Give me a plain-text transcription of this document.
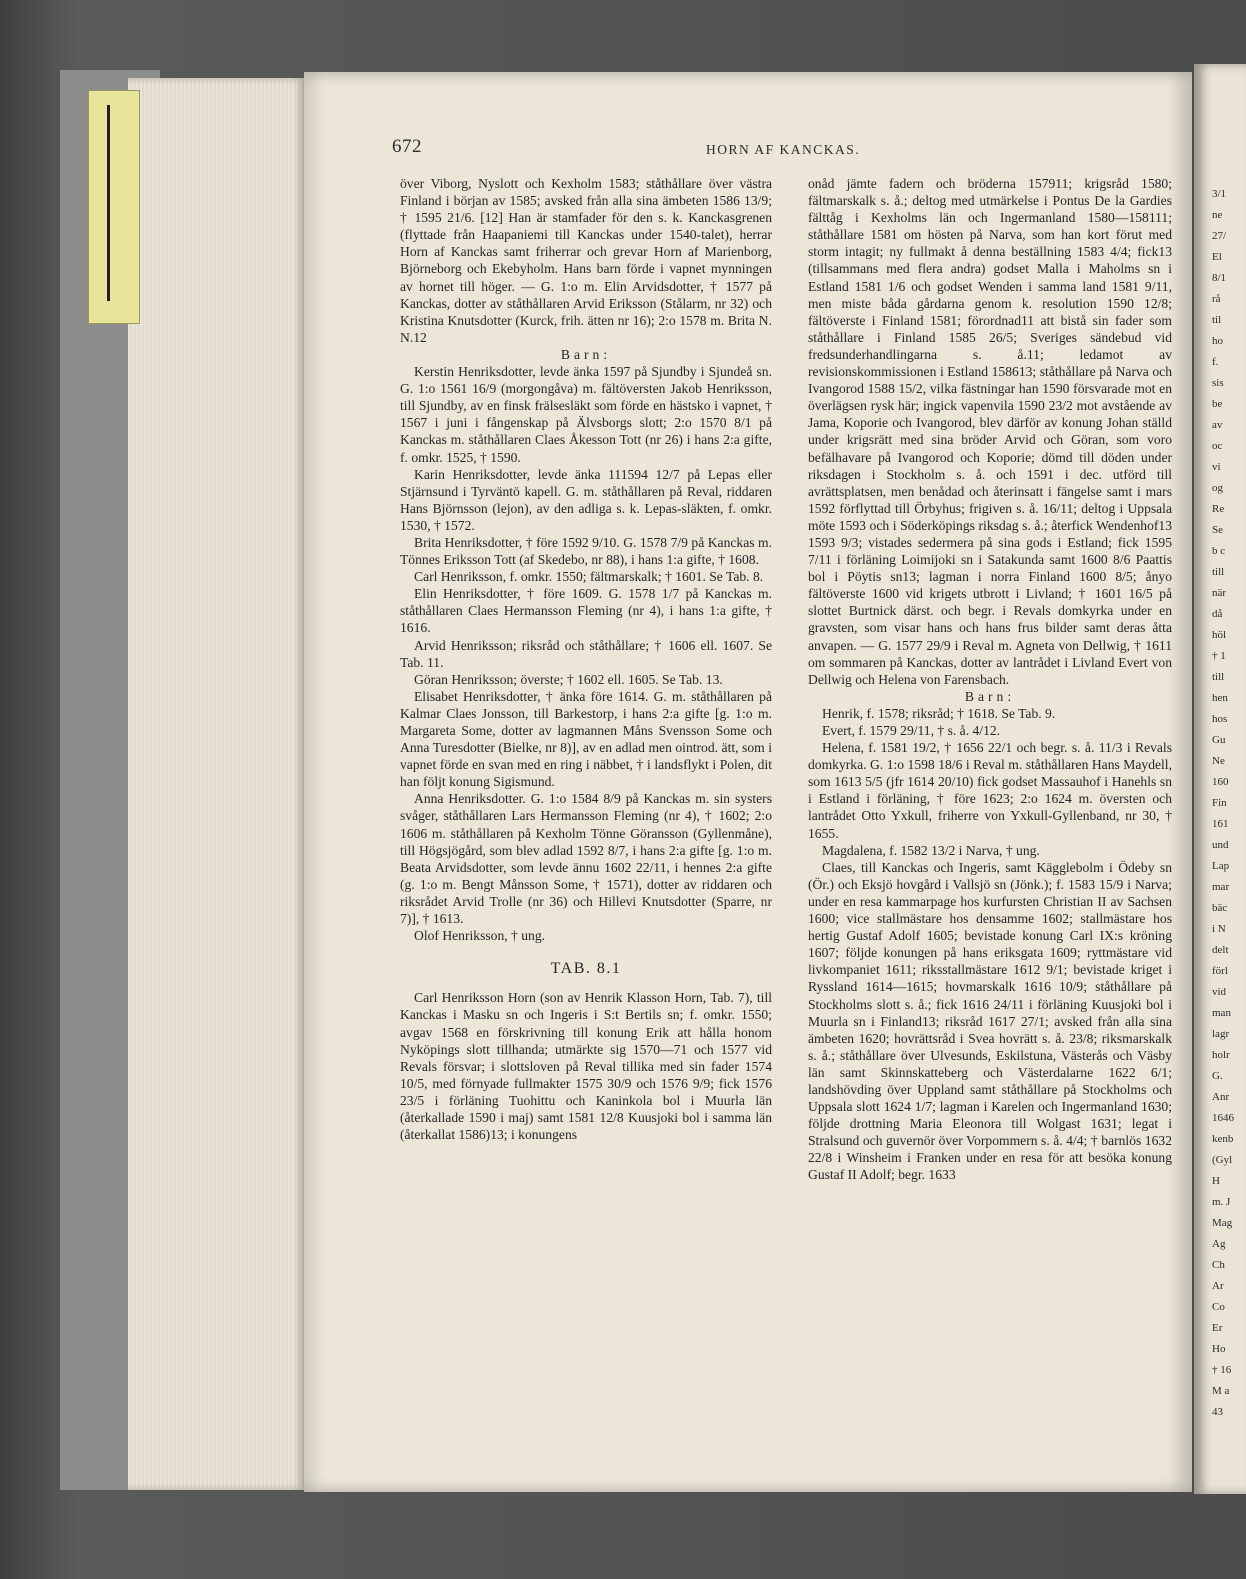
672	HORN AF KANCKAS.

över Viborg, Nyslott och Kexholm 1583; ståthållare över västra Finland i början av 1585; avsked från alla sina ämbeten 1586 13/9; † 1595 21/6. [12] Han är stamfader för den s. k. Kanckasgrenen (flyttade från Haapaniemi till Kanckas under 1540-talet), herrar Horn af Kanckas samt friherrar och grevar Horn af Marienborg, Björneborg och Ekebyholm. Hans barn förde i vapnet mynningen av hornet till höger. — G. 1:o m. Elin Arvidsdotter, † 1577 på Kanckas, dotter av ståthållaren Arvid Eriksson (Stålarm, nr 32) och Kristina Knutsdotter (Kurck, frih. ätten nr 16); 2:o 1578 m. Brita N. N.12

Barn:

Kerstin Henriksdotter, levde änka 1597 på Sjundby i Sjundeå sn. G. 1:o 1561 16/9 (morgongåva) m. fältöversten Jakob Henriksson, till Sjundby, av en finsk frälsesläkt som förde en hästsko i vapnet, † 1567 i juni i fångenskap på Älvsborgs slott; 2:o 1570 8/1 på Kanckas m. ståthållaren Claes Åkesson Tott (nr 26) i hans 2:a gifte, f. omkr. 1525, † 1590.

Karin Henriksdotter, levde änka 111594 12/7 på Lepas eller Stjärnsund i Tyrväntö kapell. G. m. ståthållaren på Reval, riddaren Hans Björnsson (lejon), av den adliga s. k. Lepas-släkten, f. omkr. 1530, † 1572.

Brita Henriksdotter, † före 1592 9/10. G. 1578 7/9 på Kanckas m. Tönnes Eriksson Tott (af Skedebo, nr 88), i hans 1:a gifte, † 1608.

Carl Henriksson, f. omkr. 1550; fältmarskalk; † 1601. Se Tab. 8.

Elin Henriksdotter, † före 1609. G. 1578 1/7 på Kanckas m. ståthållaren Claes Hermansson Fleming (nr 4), i hans 1:a gifte, † 1616.

Arvid Henriksson; riksråd och ståthållare; † 1606 ell. 1607. Se Tab. 11.

Göran Henriksson; överste; † 1602 ell. 1605. Se Tab. 13.

Elisabet Henriksdotter, † änka före 1614. G. m. ståthållaren på Kalmar Claes Jonsson, till Barkestorp, i hans 2:a gifte [g. 1:o m. Margareta Some, dotter av lagmannen Måns Svensson Some och Anna Turesdotter (Bielke, nr 8)], av en adlad men ointrod. ätt, som i vapnet förde en svan med en ring i näbbet, † i landsflykt i Polen, dit han följt konung Sigismund.

Anna Henriksdotter. G. 1:o 1584 8/9 på Kanckas m. sin systers svåger, ståthållaren Lars Hermansson Fleming (nr 4), † 1602; 2:o 1606 m. ståthållaren på Kexholm Tönne Göransson (Gyllenmåne), till Högsjögård, som blev adlad 1592 8/7, i hans 2:a gifte [g. 1:o m. Beata Arvidsdotter, som levde ännu 1602 22/11, i hennes 2:a gifte (g. 1:o m. Bengt Månsson Some, † 1571), dotter av riddaren och riksrådet Arvid Trolle (nr 36) och Hillevi Knutsdotter (Sparre, nr 7)], † 1613.

Olof Henriksson, † ung.

TAB. 8.1

Carl Henriksson Horn (son av Henrik Klasson Horn, Tab. 7), till Kanckas i Masku sn och Ingeris i S:t Bertils sn; f. omkr. 1550; avgav 1568 en förskrivning till konung Erik att hålla honom Nyköpings slott tillhanda; utmärkte sig 1570—71 och 1577 vid Revals försvar; i slottsloven på Reval tillika med sin fader 1574 10/5, med förnyade fullmakter 1575 30/9 och 1576 9/9; fick 1576 23/5 i förläning Tuohittu och Kaninkola bol i Muurla län (återkallade 1590 i maj) samt 1581 12/8 Kuusjoki bol i samma län (återkallat 1586)13; i konungens

onåd jämte fadern och bröderna 157911; krigsråd 1580; fältmarskalk s. å.; deltog med utmärkelse i Pontus De la Gardies fälttåg i Kexholms län och Ingermanland 1580—158111; ståthållare 1581 om hösten på Narva, som han kort förut med storm intagit; ny fullmakt å denna beställning 1583 4/4; fick13 (tillsammans med flera andra) godset Malla i Maholms sn i Estland 1581 1/6 och godset Wenden i samma land 1581 9/11, men miste båda gårdarna genom k. resolution 1590 12/8; fältöverste i Finland 1581; förordnad11 att bistå sin fader som ståthållare i Finland 1585 26/5; Sveriges sändebud vid fredsunderhandlingarna s. å.11; ledamot av revisionskommissionen i Estland 158613; ståthållare på Narva och Ivangorod 1588 15/2, vilka fästningar han 1590 försvarade mot en överlägsen rysk här; ingick vapenvila 1590 23/2 mot avstående av Jama, Koporie och Ivangorod, blev därför av konung Johan ställd under krigsrätt med sina bröder Arvid och Göran, som voro befälhavare på Ivangorod och Koporie; dömd till döden under riksdagen i Stockholm s. å. och 1591 i dec. utförd till avrättsplatsen, men benådad och återinsatt i fängelse samt i mars 1592 förflyttad till Örbyhus; frigiven s. å. 16/11; deltog i Uppsala möte 1593 och i Söderköpings riksdag s. å.; återfick Wendenhof13 1593 9/3; vistades sedermera på sina gods i Estland; fick 1595 7/11 i förläning Loimijoki sn i Satakunda samt 1600 8/6 Paattis bol i Pöytis sn13; lagman i norra Finland 1600 8/5; ånyo fältöverste 1600 vid krigets utbrott i Livland; † 1601 16/5 på slottet Burtnick därst. och begr. i Revals domkyrka under en gravsten, som visar hans och hans frus bilder samt deras åtta anvapen. — G. 1577 29/9 i Reval m. Agneta von Dellwig, † 1611 om sommaren på Kanckas, dotter av lantrådet i Livland Evert von Dellwig och Helena von Farensbach.

Barn:

Henrik, f. 1578; riksråd; † 1618. Se Tab. 9.

Evert, f. 1579 29/11, † s. å. 4/12.

Helena, f. 1581 19/2, † 1656 22/1 och begr. s. å. 11/3 i Revals domkyrka. G. 1:o 1598 18/6 i Reval m. ståthållaren Hans Maydell, som 1613 5/5 (jfr 1614 20/10) fick godset Massauhof i Hanehls sn i Estland i förläning, † före 1623; 2:o 1624 m. översten och lantrådet Otto Yxkull, friherre von Yxkull-Gyllenband, nr 30, † 1655.

Magdalena, f. 1582 13/2 i Narva, † ung.

Claes, till Kanckas och Ingeris, samt Kägglebolm i Ödeby sn (Ör.) och Eksjö hovgård i Vallsjö sn (Jönk.); f. 1583 15/9 i Narva; under en resa kammarpage hos kurfursten Christian II av Sachsen 1600; vice stallmästare hos densamme 1602; stallmästare hos hertig Gustaf Adolf 1605; bevistade konung Carl IX:s kröning 1607; följde konungen på hans eriksgata 1609; ryttmästare vid livkompaniet 1611; riksstallmästare 1612 9/1; bevistade kriget i Ryssland 1614—1615; hovmarskalk 1616 10/9; ståthållare på Stockholms slott s. å.; fick 1616 24/11 i förläning Kuusjoki bol i Muurla sn i Finland13; riksråd 1617 27/1; avsked från alla sina ämbeten 1620; hovrättsråd i Svea hovrätt s. å. 23/8; riksmarskalk s. å.; ståthållare över Ulvesunds, Eskilstuna, Västerås och Väsby län samt Skinnskatteberg och Västerdalarne 1622 6/1; landshövding över Uppland samt ståthållare på Stockholms och Uppsala slott 1624 1/7; lagman i Karelen och Ingermanland 1630; följde drottning Maria Eleonora till Wolgast 1631; legat i Stralsund och guvernör över Vorpommern s. å. 4/4; † barnlös 1632 22/8 i Winsheim i Franken under en resa för att besöka konung Gustaf II Adolf; begr. 1633

3/1
ne
27/
El
8/1
rå
til
ho
f.
sis
be
av
oc
vi
og
Re
Se
b c
till
när
då
höl
† 1
till
hen
hos
Gu
Ne
160
Fin
161
und
Lap
mar
bäc
i N
delt
förl
vid
man
lagr
holr
G.
Anr
1646
kenb
(Gyl
H
m. J
Mag
Ag
Ch
Ar
Co
Er
Ho
† 16
M a
43
